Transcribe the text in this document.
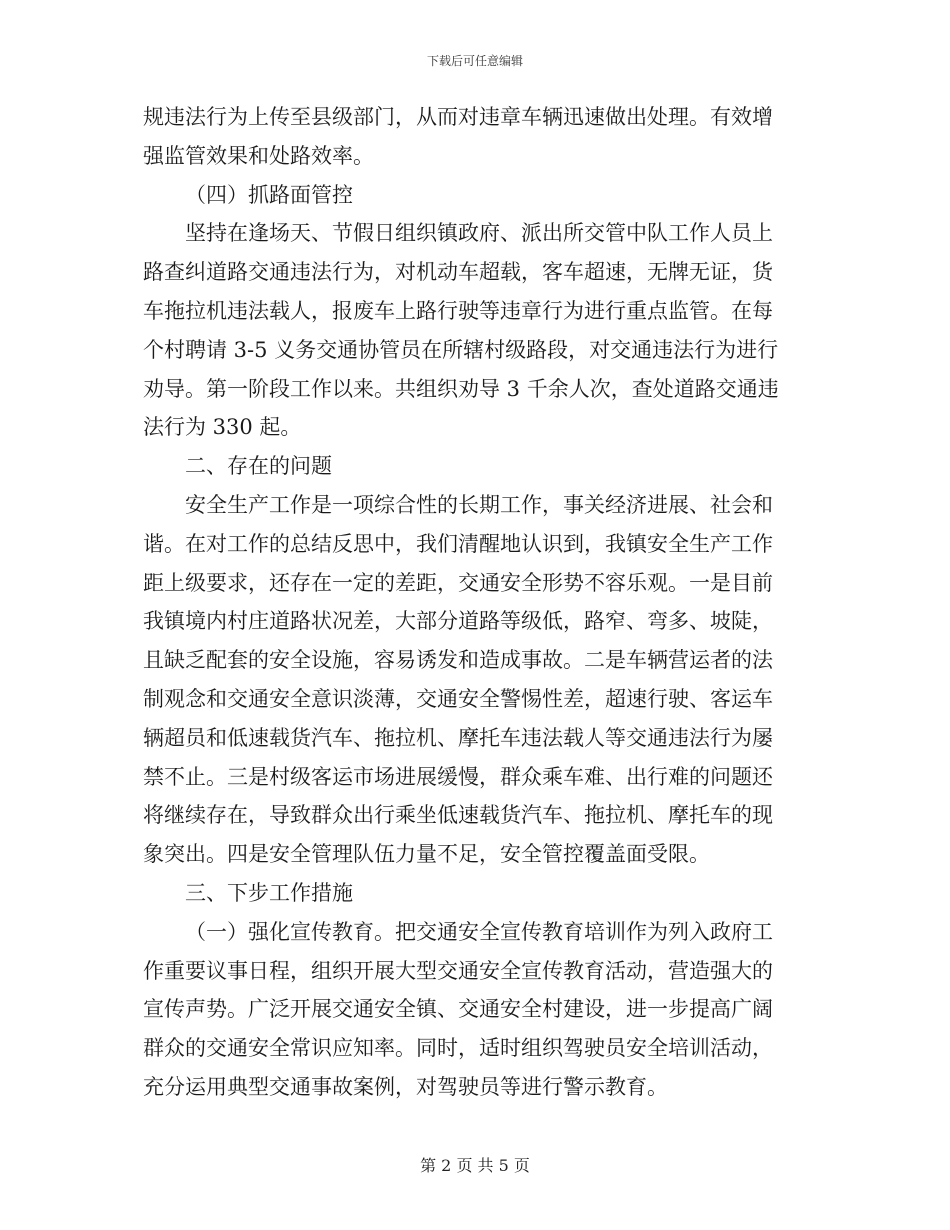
下载后可任意编辑
规违法行为上传至县级部门，从而对违章车辆迅速做出处理。有效增
强监管效果和处路效率。
（四）抓路面管控
坚持在逢场天、节假日组织镇政府、派出所交管中队工作人员上
路查纠道路交通违法行为，对机动车超载，客车超速，无牌无证，货
车拖拉机违法载人，报废车上路行驶等违章行为进行重点监管。在每
个村聘请 3-5 义务交通协管员在所辖村级路段，对交通违法行为进行
劝导。第一阶段工作以来。共组织劝导 3 千余人次，查处道路交通违
法行为 330 起。
二、存在的问题
安全生产工作是一项综合性的长期工作，事关经济进展、社会和
谐。在对工作的总结反思中，我们清醒地认识到，我镇安全生产工作
距上级要求，还存在一定的差距，交通安全形势不容乐观。一是目前
我镇境内村庄道路状况差，大部分道路等级低，路窄、弯多、坡陡，
且缺乏配套的安全设施，容易诱发和造成事故。二是车辆营运者的法
制观念和交通安全意识淡薄，交通安全警惕性差，超速行驶、客运车
辆超员和低速载货汽车、拖拉机、摩托车违法载人等交通违法行为屡
禁不止。三是村级客运市场进展缓慢，群众乘车难、出行难的问题还
将继续存在，导致群众出行乘坐低速载货汽车、拖拉机、摩托车的现
象突出。四是安全管理队伍力量不足，安全管控覆盖面受限。
三、下步工作措施
（一）强化宣传教育。把交通安全宣传教育培训作为列入政府工
作重要议事日程，组织开展大型交通安全宣传教育活动，营造强大的
宣传声势。广泛开展交通安全镇、交通安全村建设，进一步提高广阔
群众的交通安全常识应知率。同时，适时组织驾驶员安全培训活动，
充分运用典型交通事故案例，对驾驶员等进行警示教育。
第 2 页 共 5 页
